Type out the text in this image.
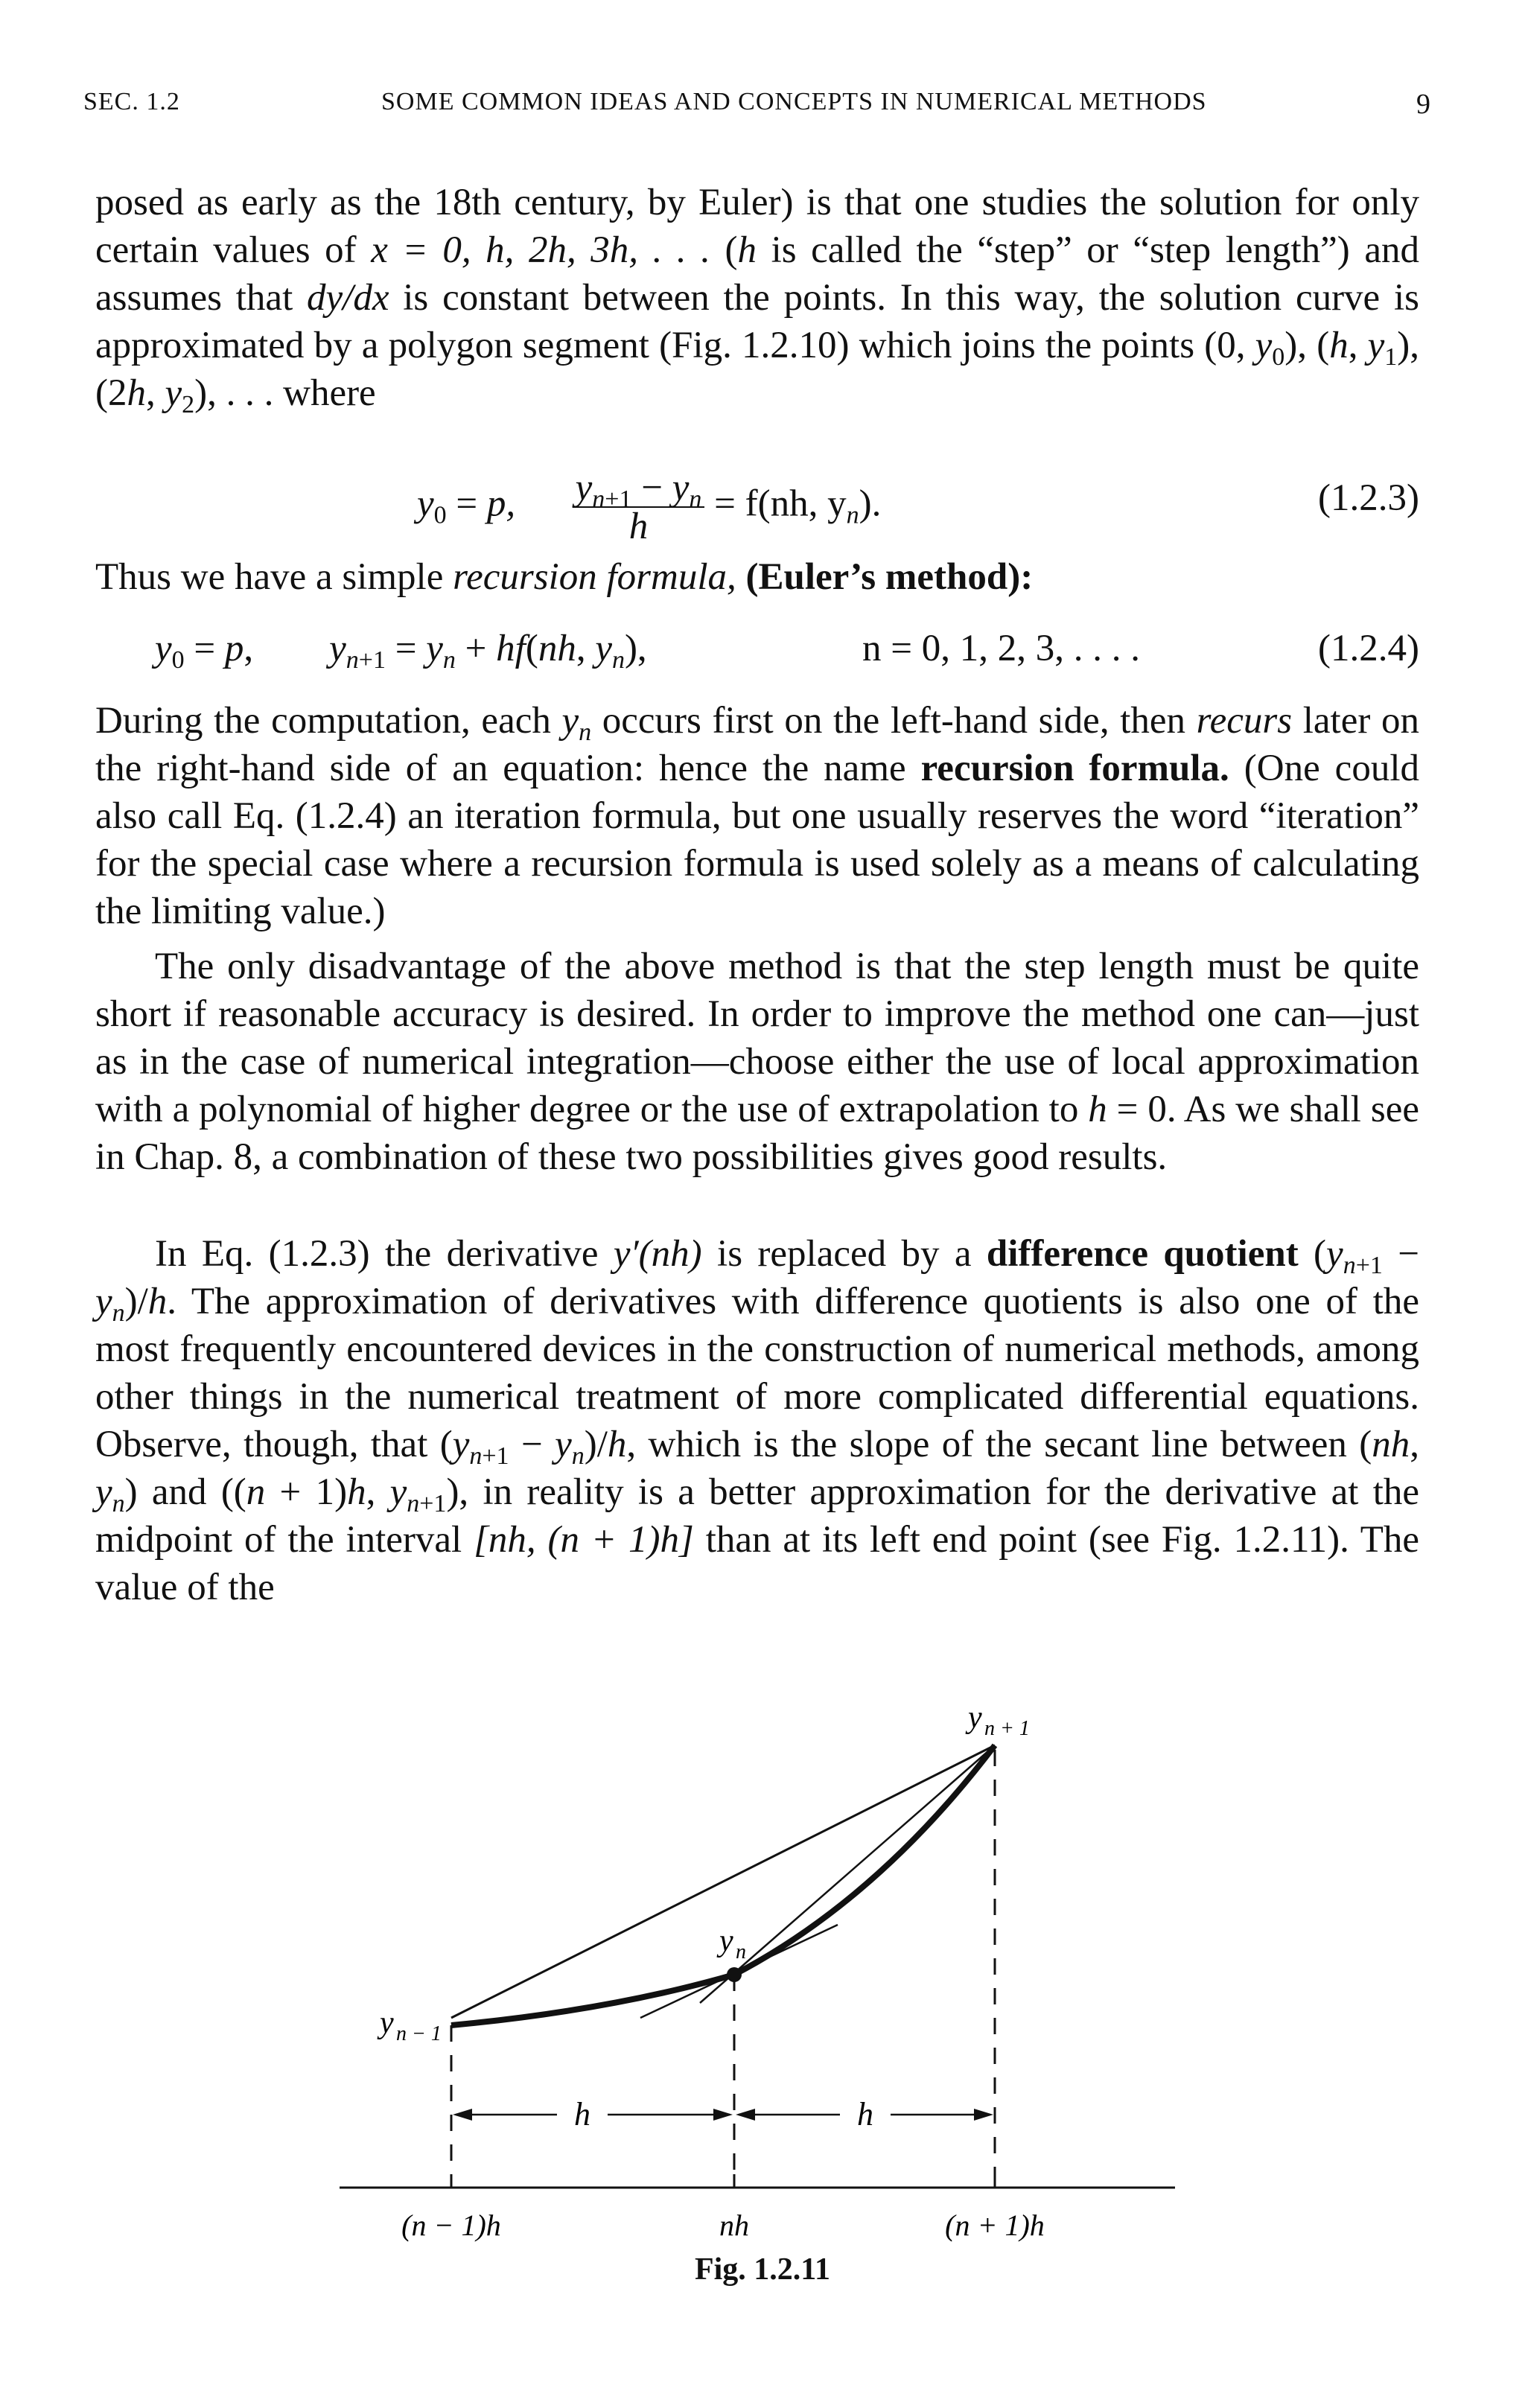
SEC. 1.2	SOME COMMON IDEAS AND CONCEPTS IN NUMERICAL METHODS	9
posed as early as the 18th century, by Euler) is that one studies the solution for only certain values of x = 0, h, 2h, 3h, . . . (h is called the “step” or “step length”) and assumes that dy/dx is constant between the points. In this way, the solution curve is approximated by a polygon segment (Fig. 1.2.10) which joins the points (0, $y_0$), (h, $y_1$), (2h, $y_2$), . . . where
$y_0 = p$, $\frac{y_{n+1} - y_n}{h} = f(nh$, $y_n$).	(1.2.3)
Thus we have a simple recursion formula, (Euler’s method):
$y_0 = p$,        $y_{n+1} = y_n + hf(nh$, $y_n$),	n = 0, 1, 2, 3, . . . .	(1.2.4)
During the computation, each $y_n$ occurs first on the left-hand side, then recurs later on the right-hand side of an equation: hence the name recursion formula. (One could also call Eq. (1.2.4) an iteration formula, but one usually reserves the word “iteration” for the special case where a recursion formula is used solely as a means of calculating the limiting value.)
The only disadvantage of the above method is that the step length must be quite short if reasonable accuracy is desired. In order to improve the method one can—just as in the case of numerical integration—choose either the use of local approximation with a polynomial of higher degree or the use of extrapolation to h = 0. As we shall see in Chap. 8, a combination of these two possibilities gives good results.
In Eq. (1.2.3) the derivative y′(nh) is replaced by a difference quotient $(y_{n+1} - y_n)/h$. The approximation of derivatives with difference quotients is also one of the most frequently encountered devices in the construction of numerical methods, among other things in the numerical treatment of more complicated differential equations. Observe, though, that $(y_{n+1} - y_n)/h$, which is the slope of the secant line between (nh, $y_n$) and ((n + 1)h, $y_{n+1}$), in reality is a better approximation for the derivative at the midpoint of the interval [nh, (n + 1)h] than at its left end point (see Fig. 1.2.11). The value of the
h	h
y n + 1
y n
y n − 1
(n − 1)h	nh	(n + 1)h
Fig. 1.2.11
